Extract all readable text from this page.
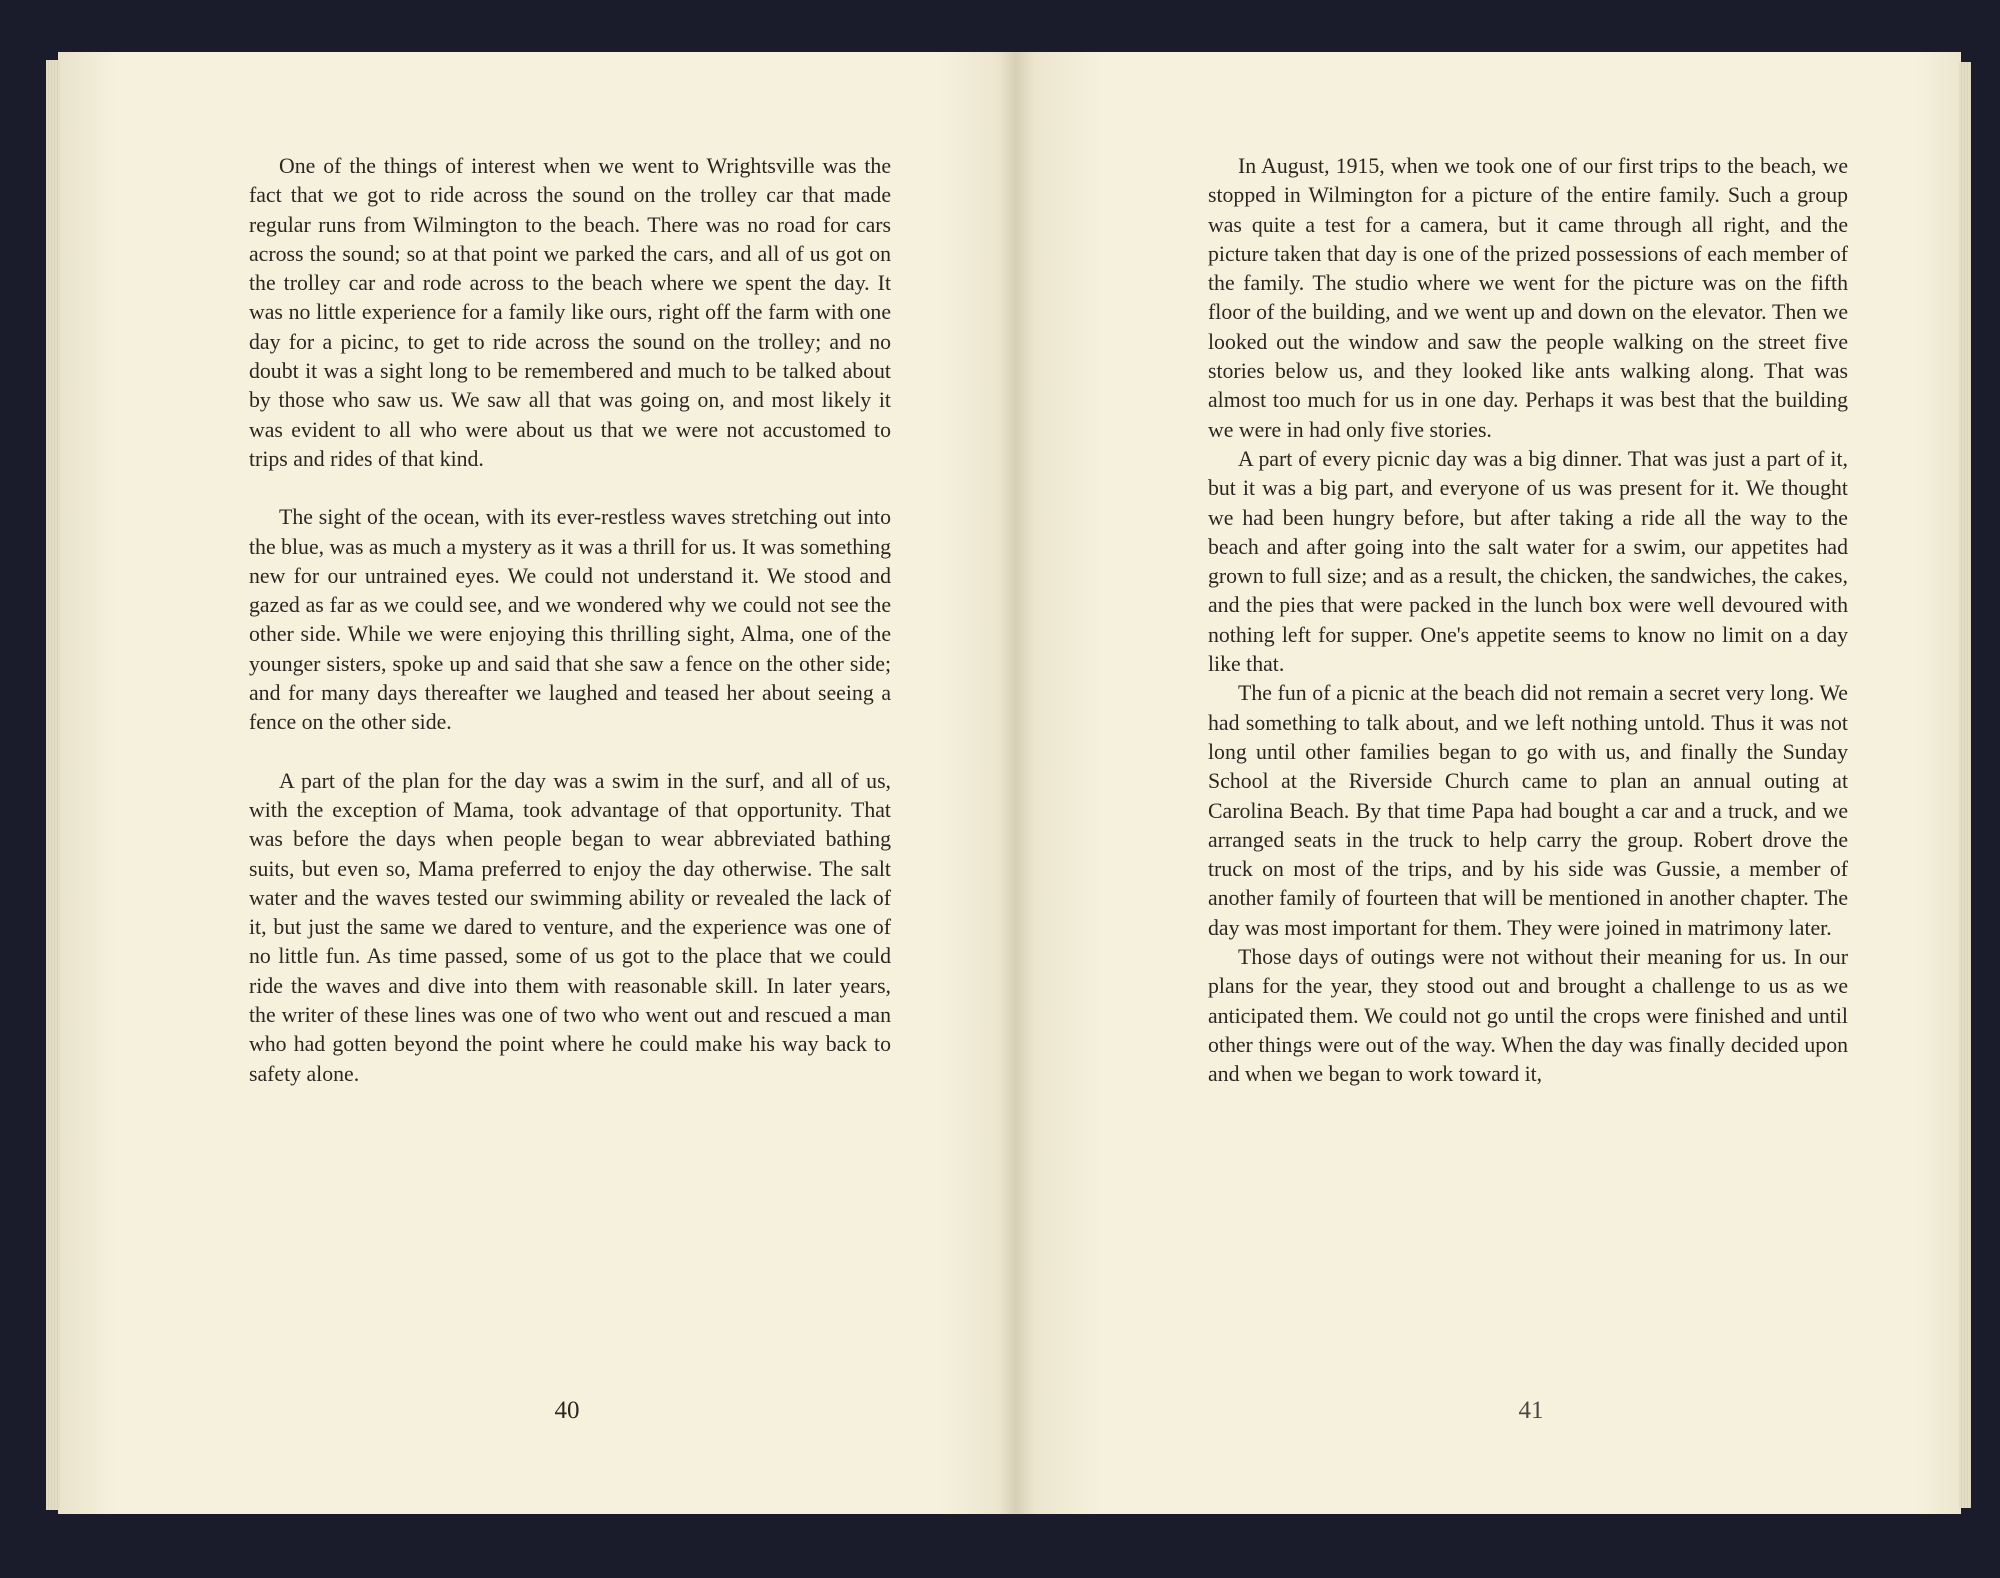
One of the things of interest when we went to Wrightsville was the fact that we got to ride across the sound on the trolley car that made regular runs from Wilmington to the beach. There was no road for cars across the sound; so at that point we parked the cars, and all of us got on the trolley car and rode across to the beach where we spent the day. It was no little experience for a family like ours, right off the farm with one day for a picinc, to get to ride across the sound on the trolley; and no doubt it was a sight long to be remembered and much to be talked about by those who saw us. We saw all that was going on, and most likely it was evident to all who were about us that we were not accustomed to trips and rides of that kind.

The sight of the ocean, with its ever-restless waves stretching out into the blue, was as much a mystery as it was a thrill for us. It was something new for our untrained eyes. We could not understand it. We stood and gazed as far as we could see, and we wondered why we could not see the other side. While we were enjoying this thrilling sight, Alma, one of the younger sisters, spoke up and said that she saw a fence on the other side; and for many days thereafter we laughed and teased her about seeing a fence on the other side.

A part of the plan for the day was a swim in the surf, and all of us, with the exception of Mama, took advantage of that opportunity. That was before the days when people began to wear abbreviated bathing suits, but even so, Mama preferred to enjoy the day otherwise. The salt water and the waves tested our swimming ability or revealed the lack of it, but just the same we dared to venture, and the experience was one of no little fun. As time passed, some of us got to the place that we could ride the waves and dive into them with reasonable skill. In later years, the writer of these lines was one of two who went out and rescued a man who had gotten beyond the point where he could make his way back to safety alone.

40

In August, 1915, when we took one of our first trips to the beach, we stopped in Wilmington for a picture of the entire family. Such a group was quite a test for a camera, but it came through all right, and the picture taken that day is one of the prized possessions of each member of the family. The studio where we went for the picture was on the fifth floor of the building, and we went up and down on the elevator. Then we looked out the window and saw the people walking on the street five stories below us, and they looked like ants walking along. That was almost too much for us in one day. Perhaps it was best that the building we were in had only five stories.

A part of every picnic day was a big dinner. That was just a part of it, but it was a big part, and everyone of us was present for it. We thought we had been hungry before, but after taking a ride all the way to the beach and after going into the salt water for a swim, our appetites had grown to full size; and as a result, the chicken, the sandwiches, the cakes, and the pies that were packed in the lunch box were well devoured with nothing left for supper. One's appetite seems to know no limit on a day like that.

The fun of a picnic at the beach did not remain a secret very long. We had something to talk about, and we left nothing untold. Thus it was not long until other families began to go with us, and finally the Sunday School at the Riverside Church came to plan an annual outing at Carolina Beach. By that time Papa had bought a car and a truck, and we arranged seats in the truck to help carry the group. Robert drove the truck on most of the trips, and by his side was Gussie, a member of another family of fourteen that will be mentioned in another chapter. The day was most important for them. They were joined in matrimony later.

Those days of outings were not without their meaning for us. In our plans for the year, they stood out and brought a challenge to us as we anticipated them. We could not go until the crops were finished and until other things were out of the way. When the day was finally decided upon and when we began to work toward it,

41
